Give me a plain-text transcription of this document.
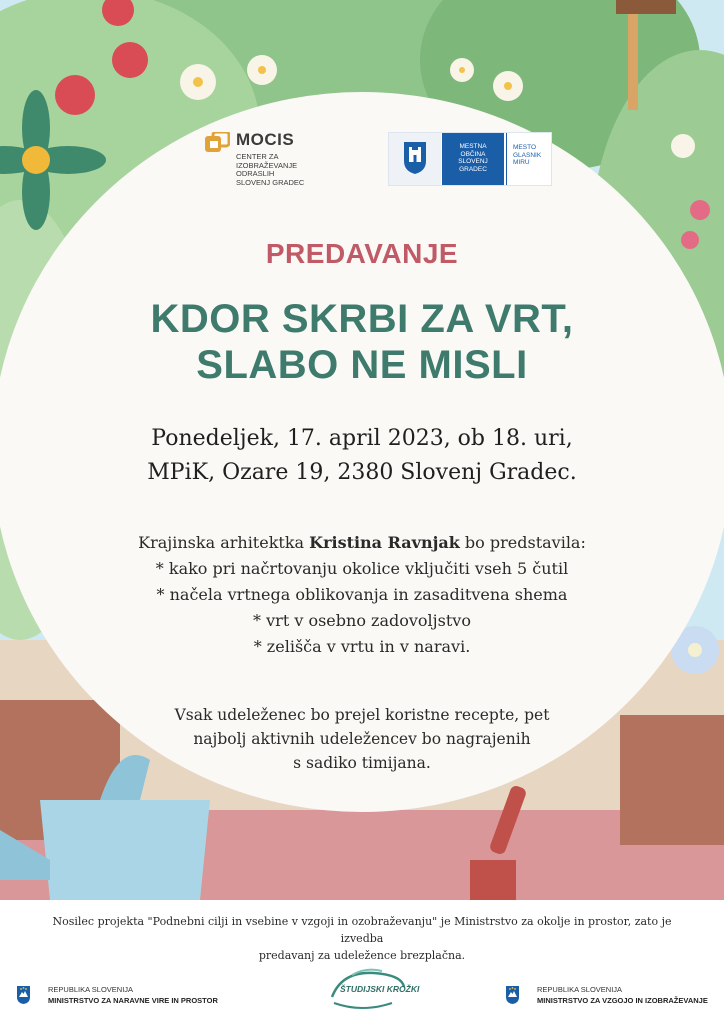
MOCIS
CENTER ZA
IZOBRAŽEVANJE
ODRASLIH
SLOVENJ GRADEC
MESTNA
OBČINA
SLOVENJ
GRADEC
MESTO
GLASNIK
MIRU
PREDAVANJE
KDOR SKRBI ZA VRT,
SLABO NE MISLI
Ponedeljek, 17. april 2023, ob 18. uri,
MPiK, Ozare 19, 2380 Slovenj Gradec.
Krajinska arhitektka Kristina Ravnjak bo predstavila:
* kako pri načrtovanju okolice vključiti vseh 5 čutil
* načela vrtnega oblikovanja in zasaditvena shema
* vrt v osebno zadovoljstvo
* zelišča v vrtu in v naravi.
Vsak udeleženec bo prejel koristne recepte, pet
najbolj aktivnih udeležencev bo nagrajenih
s sadiko timijana.
Nosilec projekta "Podnebni cilji in vsebine v vzgoji in ozobraževanju" je Ministrstvo za okolje in prostor, zato je izvedba
predavanj za udeležence brezplačna.
REPUBLIKA SLOVENIJA
MINISTRSTVO ZA NARAVNE VIRE IN PROSTOR
ŠTUDIJSKI KROŽKI	REPUBLIKA SLOVENIJA
MINISTRSTVO ZA VZGOJO IN IZOBRAŽEVANJE
